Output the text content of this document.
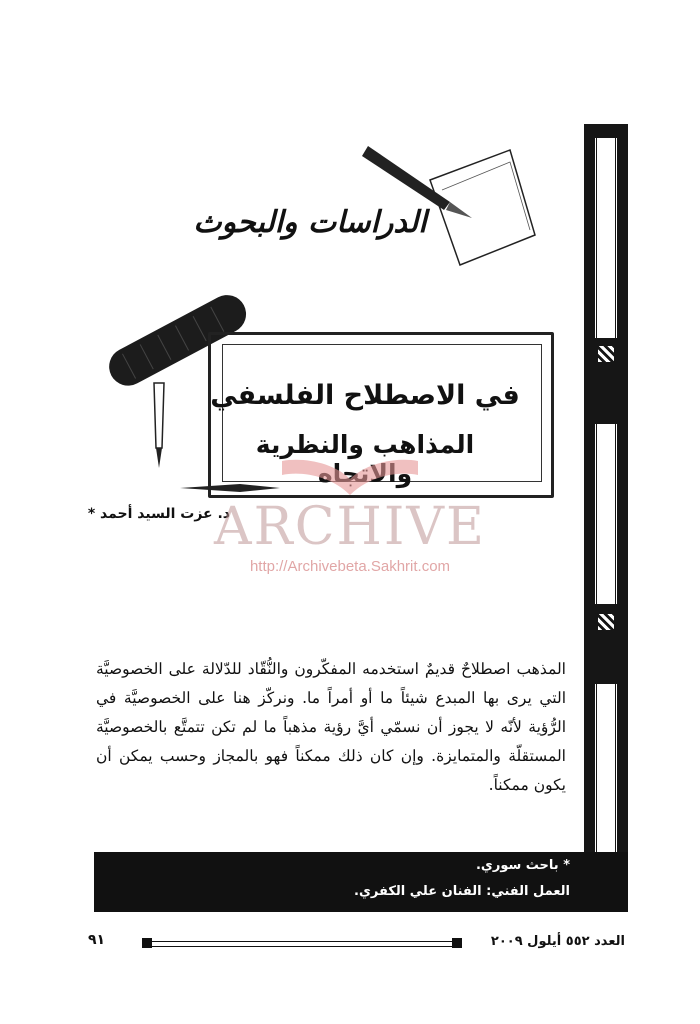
الدراسات والبحوث
في الاصطلاح الفلسفي
المذاهب والنظرية
د. عزت السيد أحمد *
ARCHIVE
http://Archivebeta.Sakhrit.com
المذهب اصطلاحٌ قديمٌ استخدمه المفكّرون والنُّقّاد للدّلالة على الخصوصيَّة التي يرى بها المبدع شيئاً ما أو أمراً ما. ونركّز هنا على الخصوصيَّة في الرُّؤية لأنّه لا يجوز أن نسمّي أيَّ رؤية مذهباً ما لم تكن تتمتَّع بالخصوصيَّة المستقلّة والمتمايزة. وإن كان ذلك ممكناً فهو بالمجاز وحسب يمكن أن يكون ممكناً.
* باحث سوري.
العمل الفني: الفنان علي الكفري.
العدد ٥٥٢ أيلول ٢٠٠٩
٩١
